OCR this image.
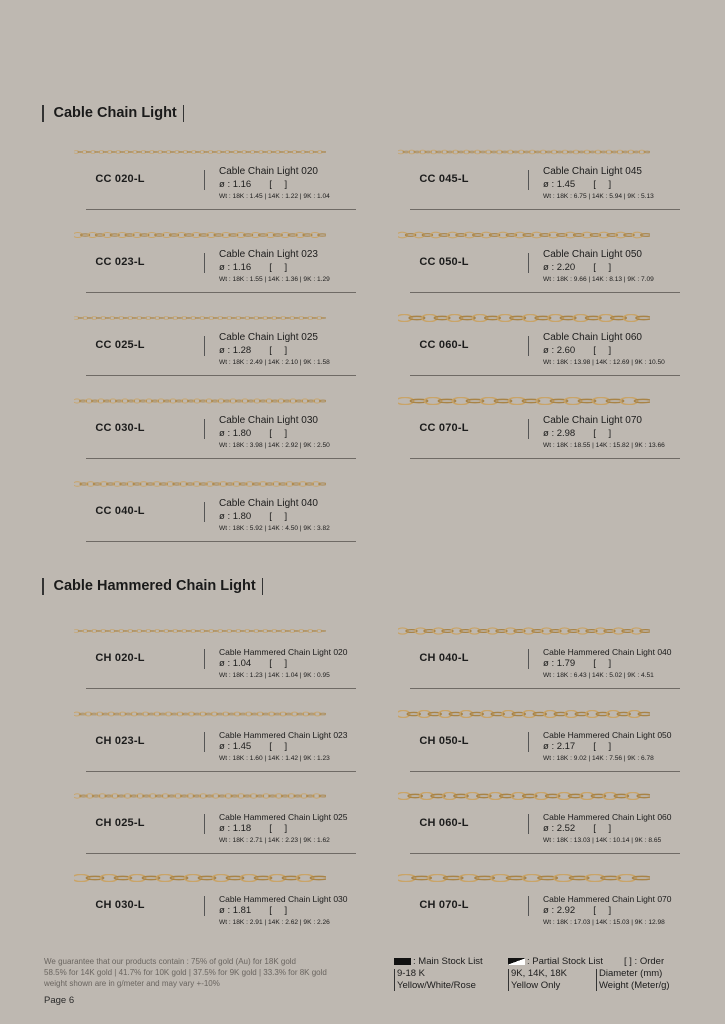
Cable Chain Light
Cable Hammered Chain Light
CC 020-L
Cable Chain Light 020
ø : 1.16 [ ]
Wt : 18K : 1.45 | 14K : 1.22 | 9K : 1.04
CC 045-L
Cable Chain Light 045
ø : 1.45 [ ]
Wt : 18K : 6.75 | 14K : 5.94 | 9K : 5.13
CC 023-L
Cable Chain Light 023
ø : 1.16 [ ]
Wt : 18K : 1.55 | 14K : 1.36 | 9K : 1.29
CC 050-L
Cable Chain Light 050
ø : 2.20 [ ]
Wt : 18K : 9.66 | 14K : 8.13 | 9K : 7.09
CC 025-L
Cable Chain Light 025
ø : 1.28 [ ]
Wt : 18K : 2.49 | 14K : 2.10 | 9K : 1.58
CC 060-L
Cable Chain Light 060
ø : 2.60 [ ]
Wt : 18K : 13.98 | 14K : 12.69 | 9K : 10.50
CC 030-L
Cable Chain Light 030
ø : 1.80 [ ]
Wt : 18K : 3.98 | 14K : 2.92 | 9K : 2.50
CC 070-L
Cable Chain Light 070
ø : 2.98 [ ]
Wt : 18K : 18.55 | 14K : 15.82 | 9K : 13.66
CC 040-L
Cable Chain Light 040
ø : 1.80 [ ]
Wt : 18K : 5.92 | 14K : 4.50 | 9K : 3.82
CH 020-L	Cable Hammered Chain Light 020
ø : 1.04 [ ]
Wt : 18K : 1.23 | 14K : 1.04 | 9K : 0.95
CH 040-L	Cable Hammered Chain Light 040
ø : 1.79 [ ]
Wt : 18K : 6.43 | 14K : 5.02 | 9K : 4.51
CH 023-L	Cable Hammered Chain Light 023
ø : 1.45 [ ]
Wt : 18K : 1.60 | 14K : 1.42 | 9K : 1.23
CH 050-L	Cable Hammered Chain Light 050
ø : 2.17 [ ]
Wt : 18K : 9.02 | 14K : 7.56 | 9K : 6.78
CH 025-L	Cable Hammered Chain Light 025
ø : 1.18 [ ]
Wt : 18K : 2.71 | 14K : 2.23 | 9K : 1.62
CH 060-L	Cable Hammered Chain Light 060
ø : 2.52 [ ]
Wt : 18K : 13.03 | 14K : 10.14 | 9K : 8.65
CH 030-L	Cable Hammered Chain Light 030
ø : 1.81 [ ]
Wt : 18K : 2.91 | 14K : 2.62 | 9K : 2.26
CH 070-L	Cable Hammered Chain Light 070
ø : 2.92 [ ]
Wt : 18K : 17.03 | 14K : 15.03 | 9K : 12.98
We guarantee that our products contain : 75% of gold (Au) for 18K gold
58.5% for 14K gold | 41.7% for 10K gold | 37.5% for 9K gold | 33.3% for 8K gold
weight shown are in g/meter and may vary +-10%
Page 6
: Main Stock List
9-18 K
Yellow/White/Rose
: Partial Stock List
9K, 14K, 18K
Yellow Only
[ ] : Order
Diameter (mm)
Weight (Meter/g)
